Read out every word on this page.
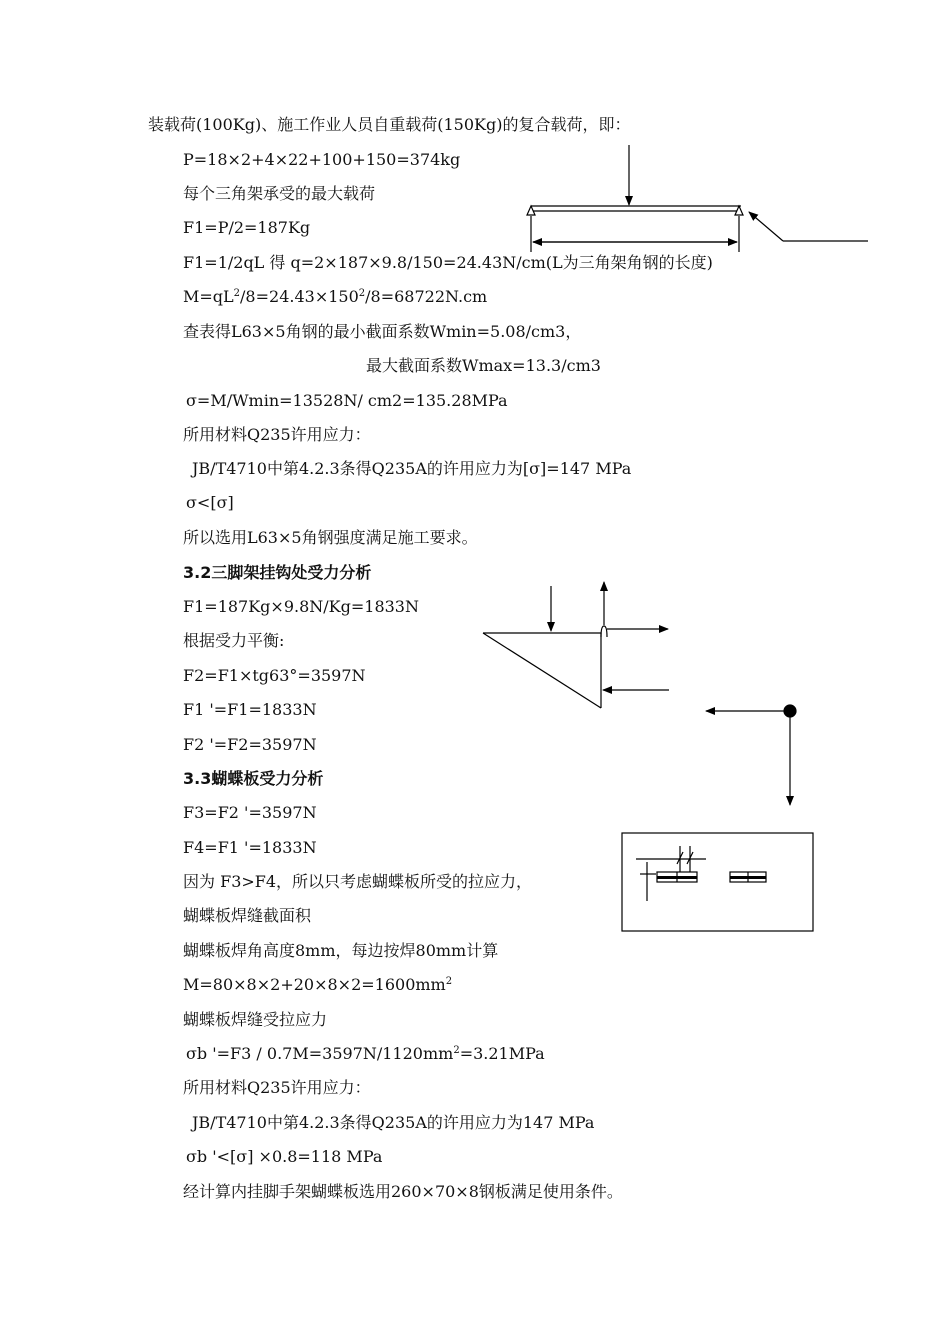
装载荷(100Kg)、施工作业人员自重载荷(150Kg)的复合载荷，即：
P=18×2+4×22+100+150=374kg
每个三角架承受的最大载荷
F1=P/2=187Kg
F1=1/2qL 得 q=2×187×9.8/150=24.43N/cm(L为三角架角钢的长度)
$M=qL^2/8=24.43\times 150^2/8=68722N.cm$
查表得L63×5角钢的最小截面系数Wmin=5.08/cm3，
最大截面系数Wmax=13.3/cm3
σ=M/Wmin=13528N/ cm2=135.28MPa
所用材料Q235许用应力：
JB/T4710中第4.2.3条得Q235A的许用应力为[σ]=147 MPa
σ<[σ]
所以选用L63×5角钢强度满足施工要求。
3.2三脚架挂钩处受力分析
F1=187Kg×9.8N/Kg=1833N
根据受力平衡:
F2=F1×tg63°=3597N
F1 '=F1=1833N
F2 '=F2=3597N
3.3蝴蝶板受力分析
F3=F2 '=3597N
F4=F1 '=1833N
因为 F3>F4，所以只考虑蝴蝶板所受的拉应力，
蝴蝶板焊缝截面积
蝴蝶板焊角高度8mm，每边按焊80mm计算
$M=80\times 8\times 2+20\times 8\times 2=1600mm^2$
蝴蝶板焊缝受拉应力
σb '$=F3 / 0.7M=3597N/1120mm^2=3.21MPa$
所用材料Q235许用应力：
JB/T4710中第4.2.3条得Q235A的许用应力为147 MPa
σb '<[σ] ×0.8=118 MPa
经计算内挂脚手架蝴蝶板选用260×70×8钢板满足使用条件。
